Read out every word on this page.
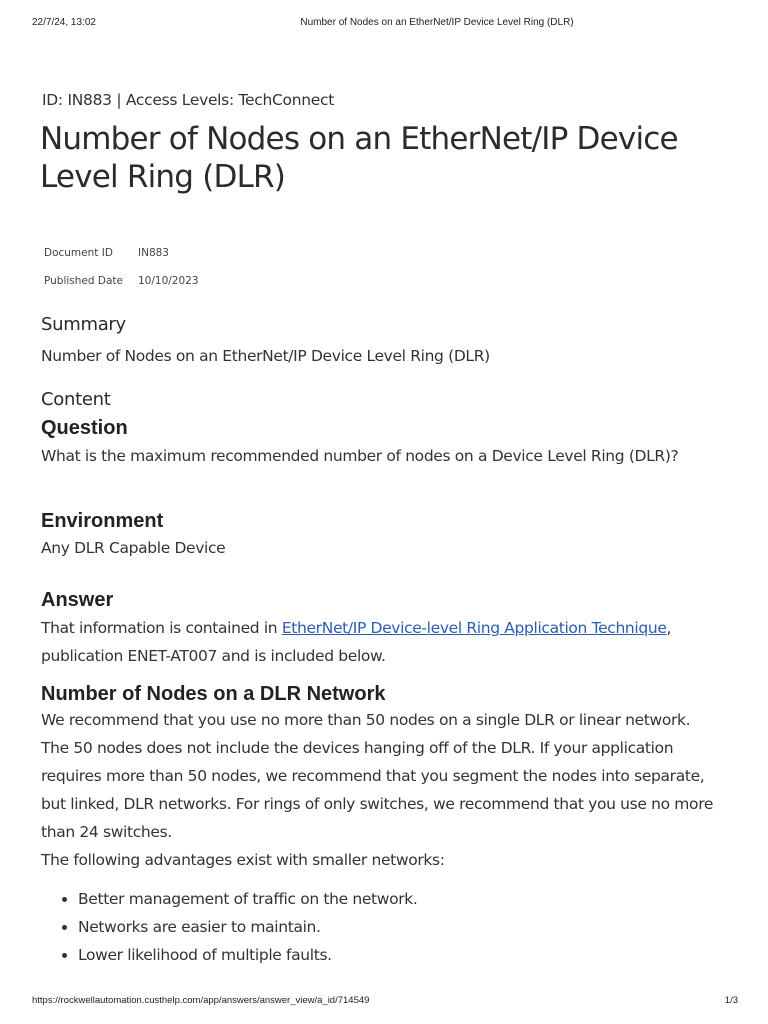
22/7/24, 13:02	Number of Nodes on an EtherNet/IP Device Level Ring (DLR)
ID: IN883 | Access Levels: TechConnect
Number of Nodes on an EtherNet/IP Device Level Ring (DLR)
Document ID	IN883
Published Date	10/10/2023
Summary

Number of Nodes on an EtherNet/IP Device Level Ring (DLR)

Content
Question

What is the maximum recommended number of nodes on a Device Level Ring (DLR)?

Environment

Any DLR Capable Device

Answer

That information is contained in EtherNet/IP Device-level Ring Application Technique,
publication ENET-AT007 and is included below.

Number of Nodes on a DLR Network

We recommend that you use no more than 50 nodes on a single DLR or linear network.
The 50 nodes does not include the devices hanging off of the DLR. If your application
requires more than 50 nodes, we recommend that you segment the nodes into separate,
but linked, DLR networks. For rings of only switches, we recommend that you use no more
than 24 switches.

The following advantages exist with smaller networks:

• Better management of traffic on the network.
• Networks are easier to maintain.
• Lower likelihood of multiple faults.
https://rockwellautomation.custhelp.com/app/answers/answer_view/a_id/714549	1/3
